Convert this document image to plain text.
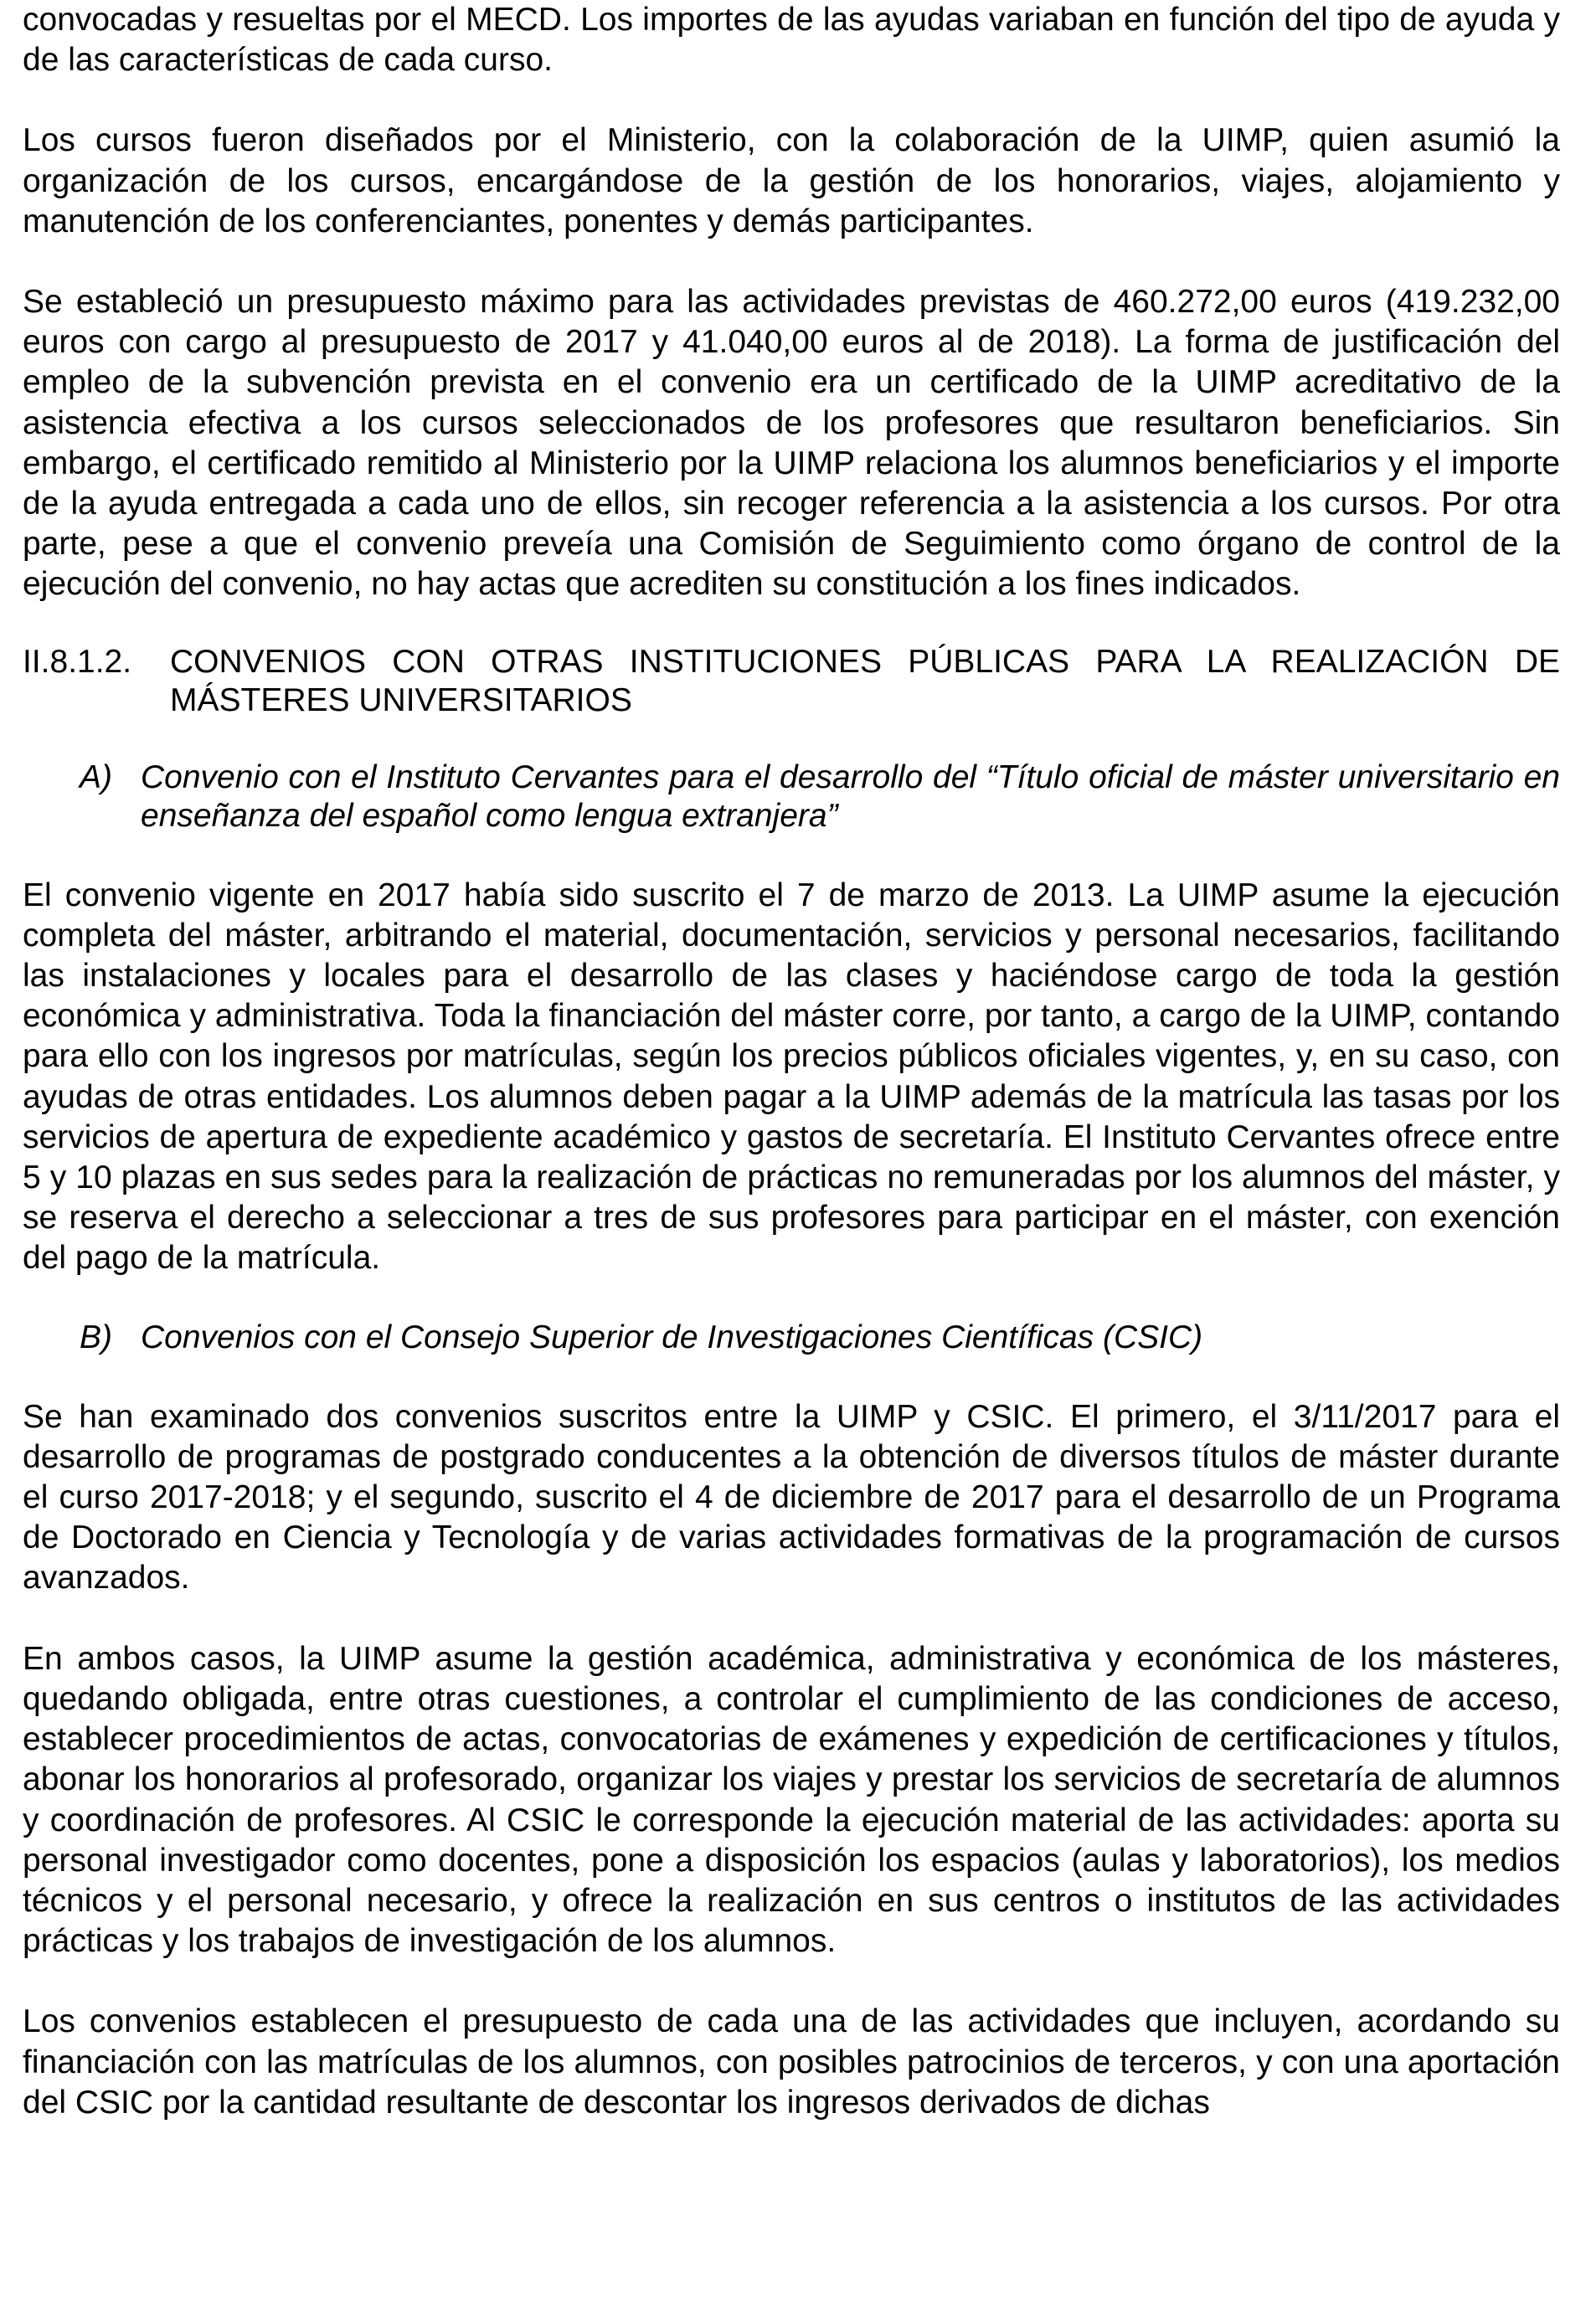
convocadas y resueltas por el MECD. Los importes de las ayudas variaban en función del tipo de ayuda y de las características de cada curso.

Los cursos fueron diseñados por el Ministerio, con la colaboración de la UIMP, quien asumió la organización de los cursos, encargándose de la gestión de los honorarios, viajes, alojamiento y manutención de los conferenciantes, ponentes y demás participantes.

Se estableció un presupuesto máximo para las actividades previstas de 460.272,00 euros (419.232,00 euros con cargo al presupuesto de 2017 y 41.040,00 euros al de 2018). La forma de justificación del empleo de la subvención prevista en el convenio era un certificado de la UIMP acreditativo de la asistencia efectiva a los cursos seleccionados de los profesores que resultaron beneficiarios. Sin embargo, el certificado remitido al Ministerio por la UIMP relaciona los alumnos beneficiarios y el importe de la ayuda entregada a cada uno de ellos, sin recoger referencia a la asistencia a los cursos. Por otra parte, pese a que el convenio preveía una Comisión de Seguimiento como órgano de control de la ejecución del convenio, no hay actas que acrediten su constitución a los fines indicados.

II.8.1.2.	CONVENIOS CON OTRAS INSTITUCIONES PÚBLICAS PARA LA REALIZACIÓN DE MÁSTERES UNIVERSITARIOS
A) Convenio con el Instituto Cervantes para el desarrollo del “Título oficial de máster universitario en enseñanza del español como lengua extranjera”

El convenio vigente en 2017 había sido suscrito el 7 de marzo de 2013. La UIMP asume la ejecución completa del máster, arbitrando el material, documentación, servicios y personal necesarios, facilitando las instalaciones y locales para el desarrollo de las clases y haciéndose cargo de toda la gestión económica y administrativa. Toda la financiación del máster corre, por tanto, a cargo de la UIMP, contando para ello con los ingresos por matrículas, según los precios públicos oficiales vigentes, y, en su caso, con ayudas de otras entidades. Los alumnos deben pagar a la UIMP además de la matrícula las tasas por los servicios de apertura de expediente académico y gastos de secretaría. El Instituto Cervantes ofrece entre 5 y 10 plazas en sus sedes para la realización de prácticas no remuneradas por los alumnos del máster, y se reserva el derecho a seleccionar a tres de sus profesores para participar en el máster, con exención del pago de la matrícula.

B) Convenios con el Consejo Superior de Investigaciones Científicas (CSIC)

Se han examinado dos convenios suscritos entre la UIMP y CSIC. El primero, el 3/11/2017 para el desarrollo de programas de postgrado conducentes a la obtención de diversos títulos de máster durante el curso 2017-2018; y el segundo, suscrito el 4 de diciembre de 2017 para el desarrollo de un Programa de Doctorado en Ciencia y Tecnología y de varias actividades formativas de la programación de cursos avanzados.

En ambos casos, la UIMP asume la gestión académica, administrativa y económica de los másteres, quedando obligada, entre otras cuestiones, a controlar el cumplimiento de las condiciones de acceso, establecer procedimientos de actas, convocatorias de exámenes y expedición de certificaciones y títulos, abonar los honorarios al profesorado, organizar los viajes y prestar los servicios de secretaría de alumnos y coordinación de profesores. Al CSIC le corresponde la ejecución material de las actividades: aporta su personal investigador como docentes, pone a disposición los espacios (aulas y laboratorios), los medios técnicos y el personal necesario, y ofrece la realización en sus centros o institutos de las actividades prácticas y los trabajos de investigación de los alumnos.

Los convenios establecen el presupuesto de cada una de las actividades que incluyen, acordando su financiación con las matrículas de los alumnos, con posibles patrocinios de terceros, y con una aportación del CSIC por la cantidad resultante de descontar los ingresos derivados de dichas
